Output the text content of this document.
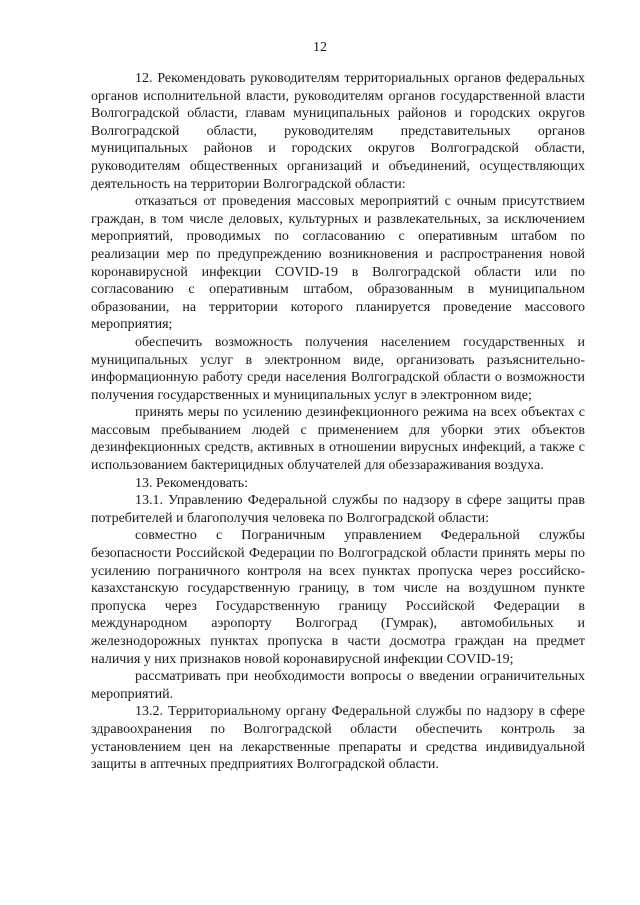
12

12. Рекомендовать руководителям территориальных органов федеральных органов исполнительной власти, руководителям органов государственной власти Волгоградской области, главам муниципальных районов и городских округов Волгоградской области, руководителям представительных органов муниципальных районов и городских округов Волгоградской области, руководителям общественных организаций и объединений, осуществляющих деятельность на территории Волгоградской области:

отказаться от проведения массовых мероприятий с очным присутствием граждан, в том числе деловых, культурных и развлекательных, за исключением мероприятий, проводимых по согласованию с оперативным штабом по реализации мер по предупреждению возникновения и распространения новой коронавирусной инфекции COVID-19 в Волгоградской области или по согласованию с оперативным штабом, образованным в муниципальном образовании, на территории которого планируется проведение массового мероприятия;

обеспечить возможность получения населением государственных и муниципальных услуг в электронном виде, организовать разъяснительно-информационную работу среди населения Волгоградской области о возможности получения государственных и муниципальных услуг в электронном виде;

принять меры по усилению дезинфекционного режима на всех объектах с массовым пребыванием людей с применением для уборки этих объектов дезинфекционных средств, активных в отношении вирусных инфекций, а также с использованием бактерицидных облучателей для обеззараживания воздуха.

13. Рекомендовать:

13.1. Управлению Федеральной службы по надзору в сфере защиты прав потребителей и благополучия человека по Волгоградской области:

совместно с Пограничным управлением Федеральной службы безопасности Российской Федерации по Волгоградской области принять меры по усилению пограничного контроля на всех пунктах пропуска через российско-казахстанскую государственную границу, в том числе на воздушном пункте пропуска через Государственную границу Российской Федерации в международном аэропорту Волгоград (Гумрак), автомобильных и железнодорожных пунктах пропуска в части досмотра граждан на предмет наличия у них признаков новой коронавирусной инфекции COVID-19;

рассматривать при необходимости вопросы о введении ограничительных мероприятий.

13.2. Территориальному органу Федеральной службы по надзору в сфере здравоохранения по Волгоградской области обеспечить контроль за установлением цен на лекарственные препараты и средства индивидуальной защиты в аптечных предприятиях Волгоградской области.
